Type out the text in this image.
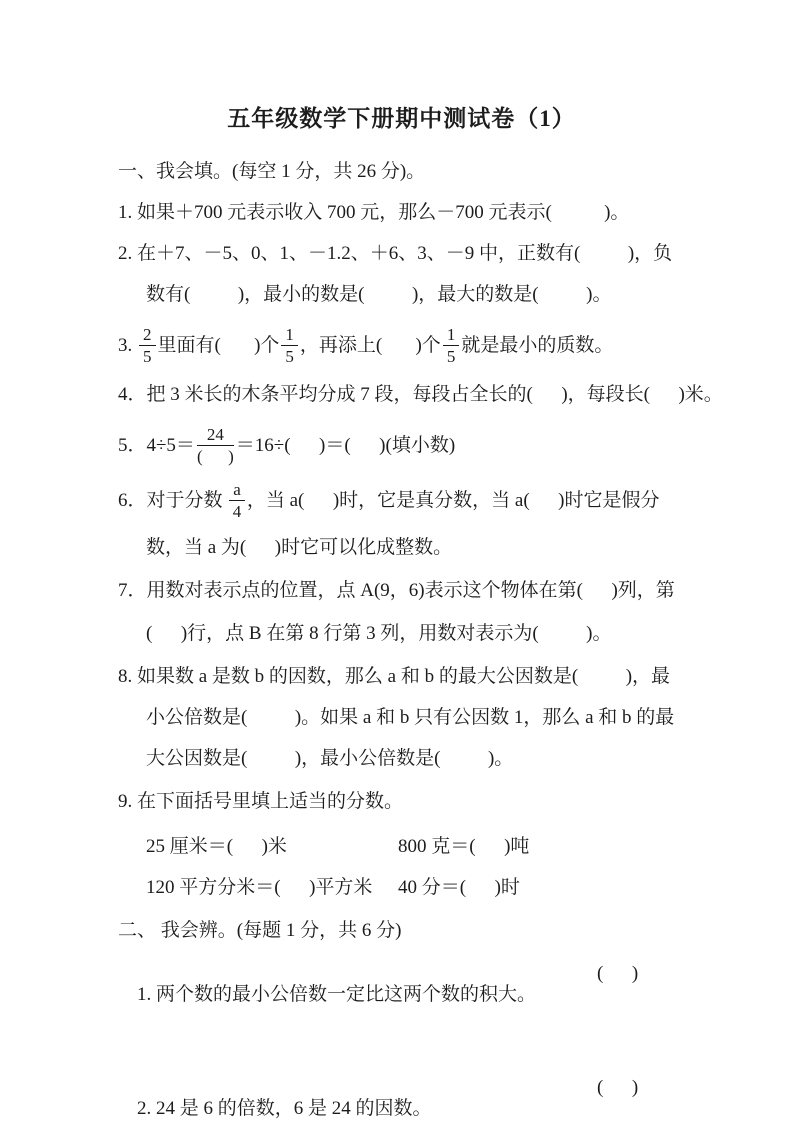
五年级数学下册期中测试卷（1）
一、我会填。(每空 1 分，共 26 分)。
1. 如果＋700 元表示收入 700 元，那么－700 元表示(           )。
2. 在＋7、－5、0、1、－1.2、＋6、3、－9 中，正数有(          )，负
数有(          )，最小的数是(          )，最大的数是(          )。
3. $\frac{2}{5}$ 里面有(       )个 $\frac{1}{5}$ ，再添上(       )个 $\frac{1}{5}$ 就是最小的质数。
4．把 3 米长的木条平均分成 7 段，每段占全长的(      )，每段长(      )米。
5．$4\div 5= \frac{24}{( )} =16\div$(      )＝(      )(填小数)
6．对于分数 $\frac{a}{4}$ ，当 a(      )时，它是真分数，当 a(      )时它是假分
数，当 a 为(      )时它可以化成整数。
7．用数对表示点的位置，点 A(9，6)表示这个物体在第(      )列，第
(      )行，点 B 在第 8 行第 3 列，用数对表示为(          )。
8. 如果数 a 是数 b 的因数，那么 a 和 b 的最大公因数是(          )，最
小公倍数是(          )。如果 a 和 b 只有公因数 1，那么 a 和 b 的最
大公因数是(          )，最小公倍数是(          )。
9. 在下面括号里填上适当的分数。
25 厘米＝(      )米	800 克＝(      )吨
120 平方分米＝(      )平方米	40 分＝(      )时
二、 我会辨。(每题 1 分，共 6 分)

1. 两个数的最小公倍数一定比这两个数的积大。

(      )

2. 24 是 6 的倍数，6 是 24 的因数。

(      )
